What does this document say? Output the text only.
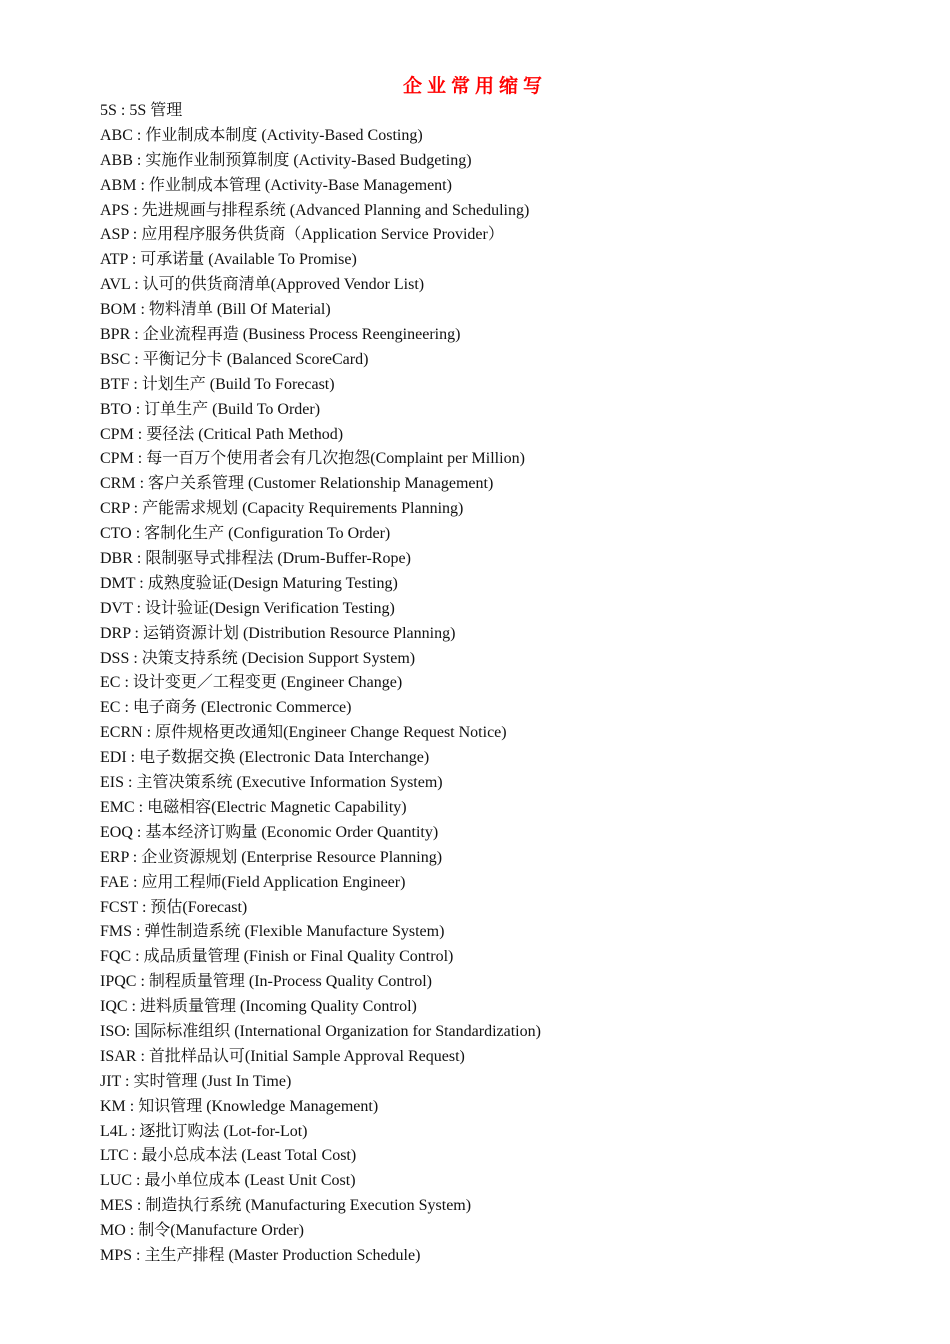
企业常用缩写
5S : 5S 管理
ABC : 作业制成本制度 (Activity-Based Costing)
ABB : 实施作业制预算制度 (Activity-Based Budgeting)
ABM : 作业制成本管理 (Activity-Base Management)
APS : 先进规画与排程系统 (Advanced Planning and Scheduling)
ASP : 应用程序服务供货商（Application Service Provider）
ATP : 可承诺量 (Available To Promise)
AVL : 认可的供货商清单(Approved Vendor List)
BOM : 物料清单 (Bill Of Material)
BPR : 企业流程再造 (Business Process Reengineering)
BSC : 平衡记分卡 (Balanced ScoreCard)
BTF : 计划生产 (Build To Forecast)
BTO : 订单生产 (Build To Order)
CPM : 要径法 (Critical Path Method)
CPM : 每一百万个使用者会有几次抱怨(Complaint per Million)
CRM : 客户关系管理 (Customer Relationship Management)
CRP : 产能需求规划 (Capacity Requirements Planning)
CTO : 客制化生产 (Configuration To Order)
DBR : 限制驱导式排程法 (Drum-Buffer-Rope)
DMT : 成熟度验证(Design Maturing Testing)
DVT : 设计验证(Design Verification Testing)
DRP : 运销资源计划 (Distribution Resource Planning)
DSS : 决策支持系统 (Decision Support System)
EC : 设计变更／工程变更 (Engineer Change)
EC : 电子商务 (Electronic Commerce)
ECRN : 原件规格更改通知(Engineer Change Request Notice)
EDI : 电子数据交换 (Electronic Data Interchange)
EIS : 主管决策系统 (Executive Information System)
EMC : 电磁相容(Electric Magnetic Capability)
EOQ : 基本经济订购量 (Economic Order Quantity)
ERP : 企业资源规划 (Enterprise Resource Planning)
FAE : 应用工程师(Field Application Engineer)
FCST : 预估(Forecast)
FMS : 弹性制造系统 (Flexible Manufacture System)
FQC : 成品质量管理 (Finish or Final Quality Control)
IPQC : 制程质量管理 (In-Process Quality Control)
IQC : 进料质量管理 (Incoming Quality Control)
ISO: 国际标准组织 (International Organization for Standardization)
ISAR : 首批样品认可(Initial Sample Approval Request)
JIT : 实时管理 (Just In Time)
KM : 知识管理 (Knowledge Management)
L4L : 逐批订购法 (Lot-for-Lot)
LTC : 最小总成本法 (Least Total Cost)
LUC : 最小单位成本 (Least Unit Cost)
MES : 制造执行系统 (Manufacturing Execution System)
MO : 制令(Manufacture Order)
MPS : 主生产排程 (Master Production Schedule)
